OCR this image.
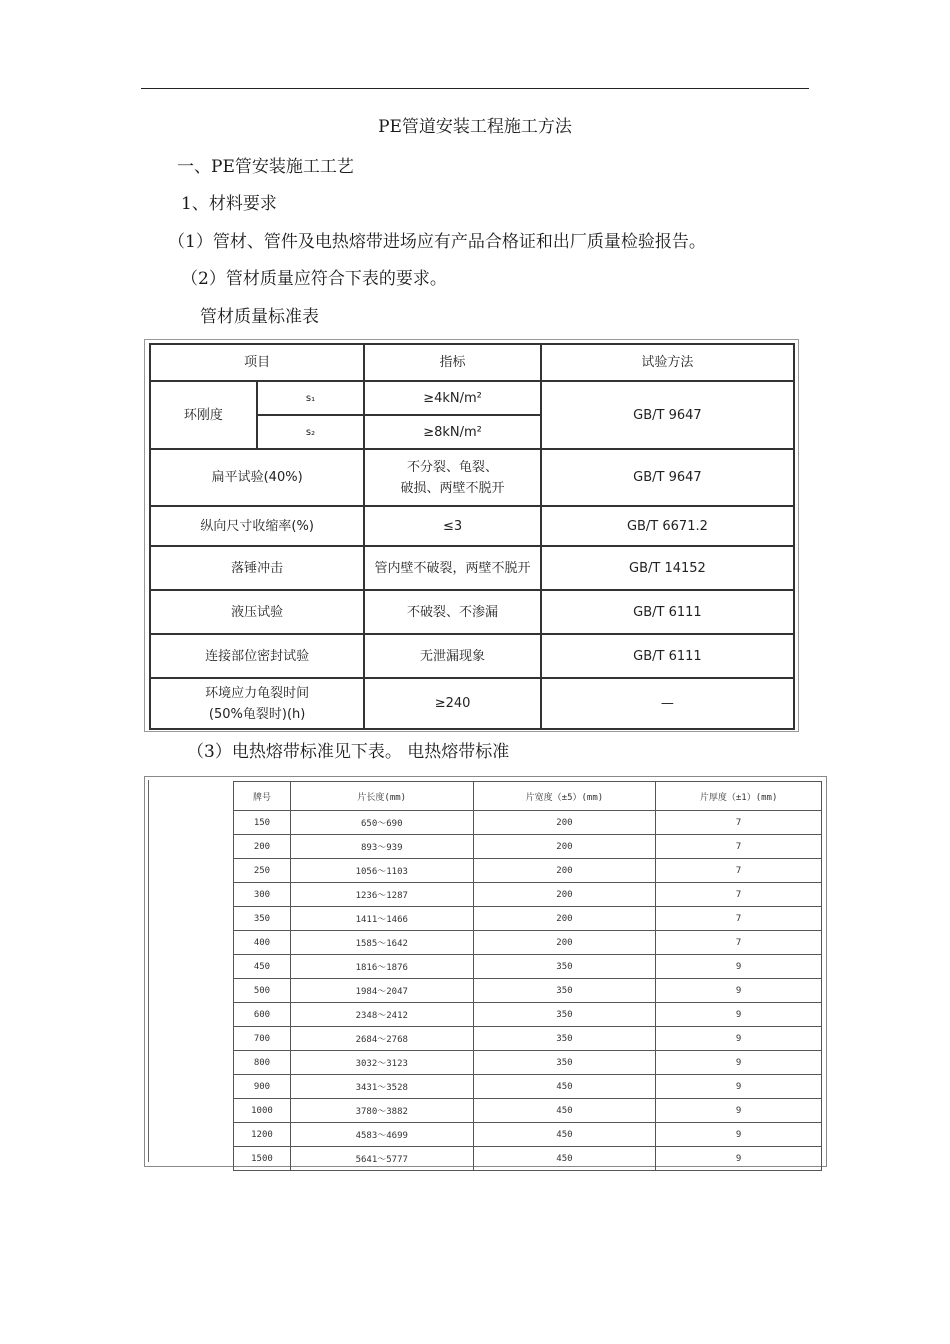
PE管道安装工程施工方法
一、PE管安装施工工艺
1、材料要求
（1）管材、管件及电热熔带进场应有产品合格证和出厂质量检验报告。
（2）管材质量应符合下表的要求。
管材质量标准表
项目		指标	试验方法
环刚度	s₁	≥4kN/m²	GB/T 9647
	s₂	≥8kN/m²	
扁平试验(40%)		不分裂、龟裂、
破损、两壁不脱开	GB/T 9647
纵向尺寸收缩率(%)		≤3	GB/T 6671.2
落锤冲击		管内壁不破裂，两壁不脱开	GB/T 14152
液压试验		不破裂、不渗漏	GB/T 6111
连接部位密封试验		无泄漏现象	GB/T 6111

环境应力龟裂时间
(50%龟裂时)(h)		≥240	—
（3）电热熔带标准见下表。 电热熔带标准
牌号	片长度(mm)	片宽度（±5）(mm)	片厚度（±1）(mm)
150	650～690	200	7
200	893～939	200	7
250	1056～1103	200	7
300	1236～1287	200	7
350	1411～1466	200	7
400	1585～1642	200	7
450	1816～1876	350	9
500	1984～2047	350	9
600	2348～2412	350	9
700	2684～2768	350	9
800	3032～3123	350	9
900	3431～3528	450	9
1000	3780～3882	450	9
1200	4583～4699	450	9
1500	5641～5777	450	9
